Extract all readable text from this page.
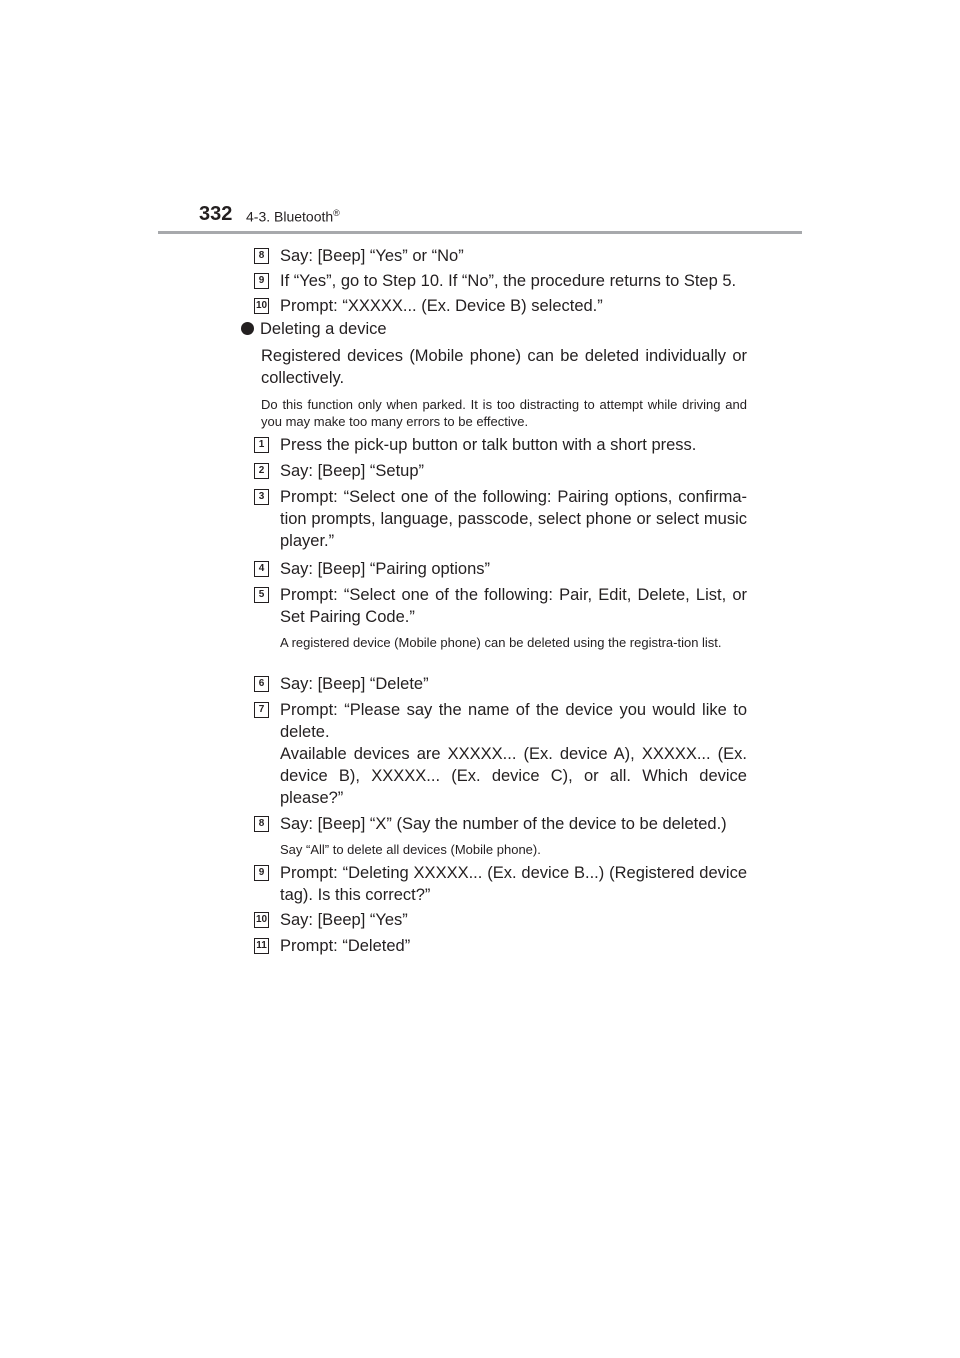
332 4-3. Bluetooth®
8 Say: [Beep] “Yes” or “No”
9 If “Yes”, go to Step 10. If “No”, the procedure returns to Step 5.
10 Prompt: “XXXXX... (Ex. Device B) selected.”
Deleting a device
Registered devices (Mobile phone) can be deleted individually or collectively.
Do this function only when parked. It is too distracting to attempt while driving and you may make too many errors to be effective.
1 Press the pick-up button or talk button with a short press.
2 Say: [Beep] “Setup”
3 Prompt: “Select one of the following: Pairing options, confirma-tion prompts, language, passcode, select phone or select music player.”
4 Say: [Beep] “Pairing options”
5 Prompt: “Select one of the following: Pair, Edit, Delete, List, or Set Pairing Code.”
A registered device (Mobile phone) can be deleted using the registra-tion list.
6 Say: [Beep] “Delete”
7 Prompt: “Please say the name of the device you would like to delete.
Available devices are XXXXX... (Ex. device A), XXXXX... (Ex. device B), XXXXX... (Ex. device C), or all. Which device please?”
8 Say: [Beep] “X” (Say the number of the device to be deleted.)
Say “All” to delete all devices (Mobile phone).
9 Prompt: “Deleting XXXXX... (Ex. device B...) (Registered device tag). Is this correct?”
10 Say: [Beep] “Yes”
11 Prompt: “Deleted”
